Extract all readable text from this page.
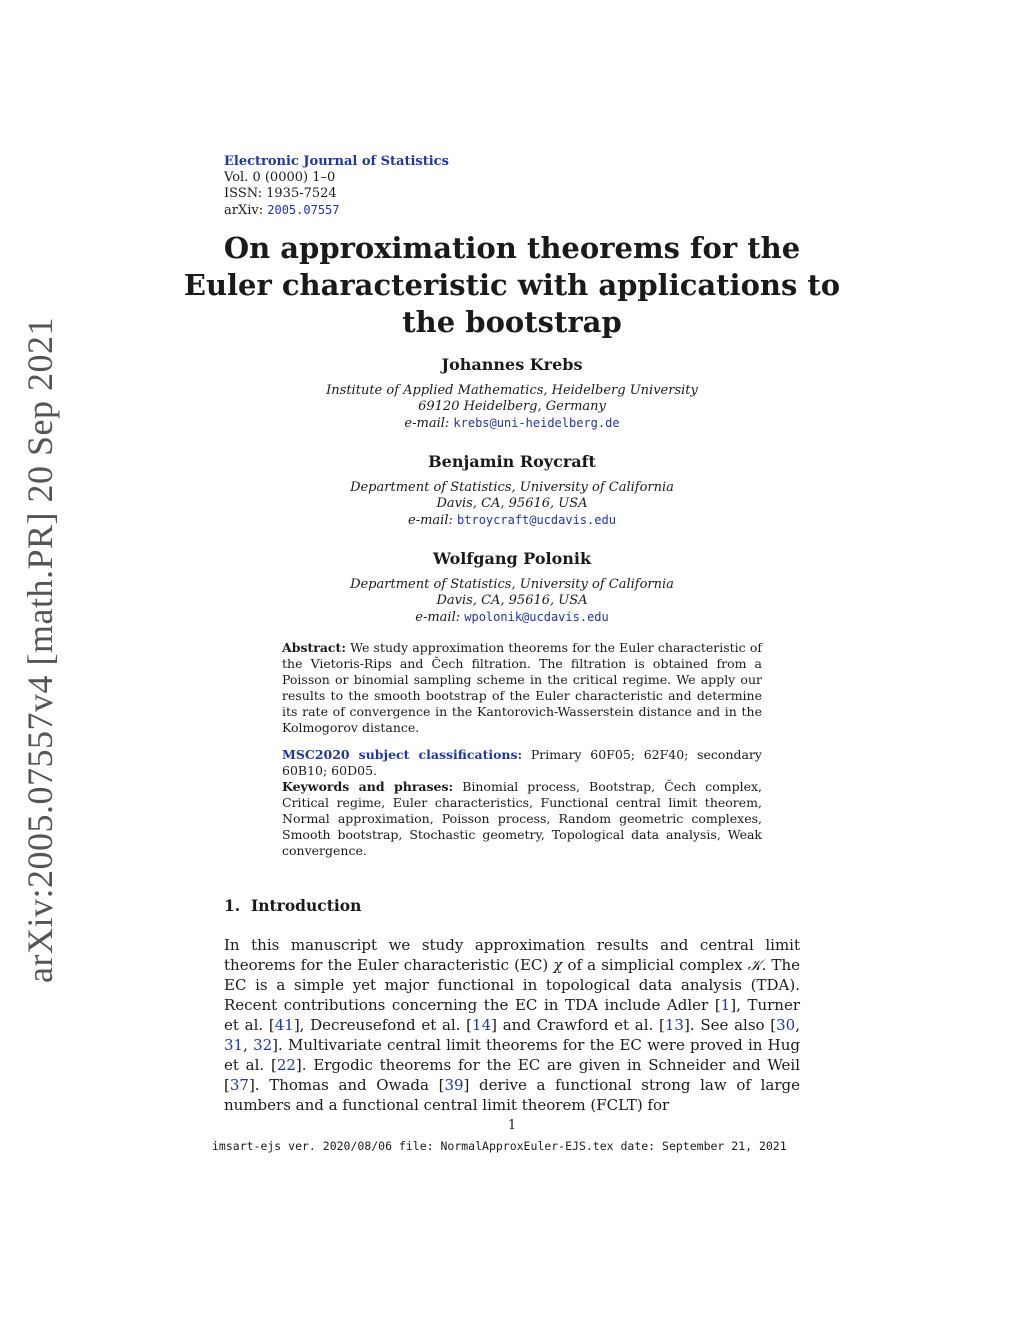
arXiv:2005.07557v4 [math.PR] 20 Sep 2021
Electronic Journal of Statistics
Vol. 0 (0000) 1–0
ISSN: 1935-7524
arXiv: 2005.07557
On approximation theorems for the
Euler characteristic with applications to
the bootstrap
Johannes Krebs
Institute of Applied Mathematics, Heidelberg University
69120 Heidelberg, Germany
e-mail: krebs@uni-heidelberg.de
Benjamin Roycraft
Department of Statistics, University of California
Davis, CA, 95616, USA
e-mail: btroycraft@ucdavis.edu
Wolfgang Polonik
Department of Statistics, University of California
Davis, CA, 95616, USA
e-mail: wpolonik@ucdavis.edu
Abstract: We study approximation theorems for the Euler characteristic of the Vietoris-Rips and Čech filtration. The filtration is obtained from a Poisson or binomial sampling scheme in the critical regime. We apply our results to the smooth bootstrap of the Euler characteristic and determine its rate of convergence in the Kantorovich-Wasserstein distance and in the Kolmogorov distance.
MSC2020 subject classifications: Primary 60F05; 62F40; secondary 60B10; 60D05.
Keywords and phrases: Binomial process, Bootstrap, Čech complex, Critical regime, Euler characteristics, Functional central limit theorem, Normal approximation, Poisson process, Random geometric complexes, Smooth bootstrap, Stochastic geometry, Topological data analysis, Weak convergence.
1. Introduction
In this manuscript we study approximation results and central limit theorems for the Euler characteristic (EC) χ of a simplicial complex 𝒦. The EC is a simple yet major functional in topological data analysis (TDA). Recent contributions concerning the EC in TDA include Adler [1], Turner et al. [41], Decreusefond et al. [14] and Crawford et al. [13]. See also [30, 31, 32]. Multivariate central limit theorems for the EC were proved in Hug et al. [22]. Ergodic theorems for the EC are given in Schneider and Weil [37]. Thomas and Owada [39] derive a functional strong law of large numbers and a functional central limit theorem (FCLT) for
1
imsart-ejs ver. 2020/08/06 file: NormalApproxEuler-EJS.tex date: September 21, 2021
